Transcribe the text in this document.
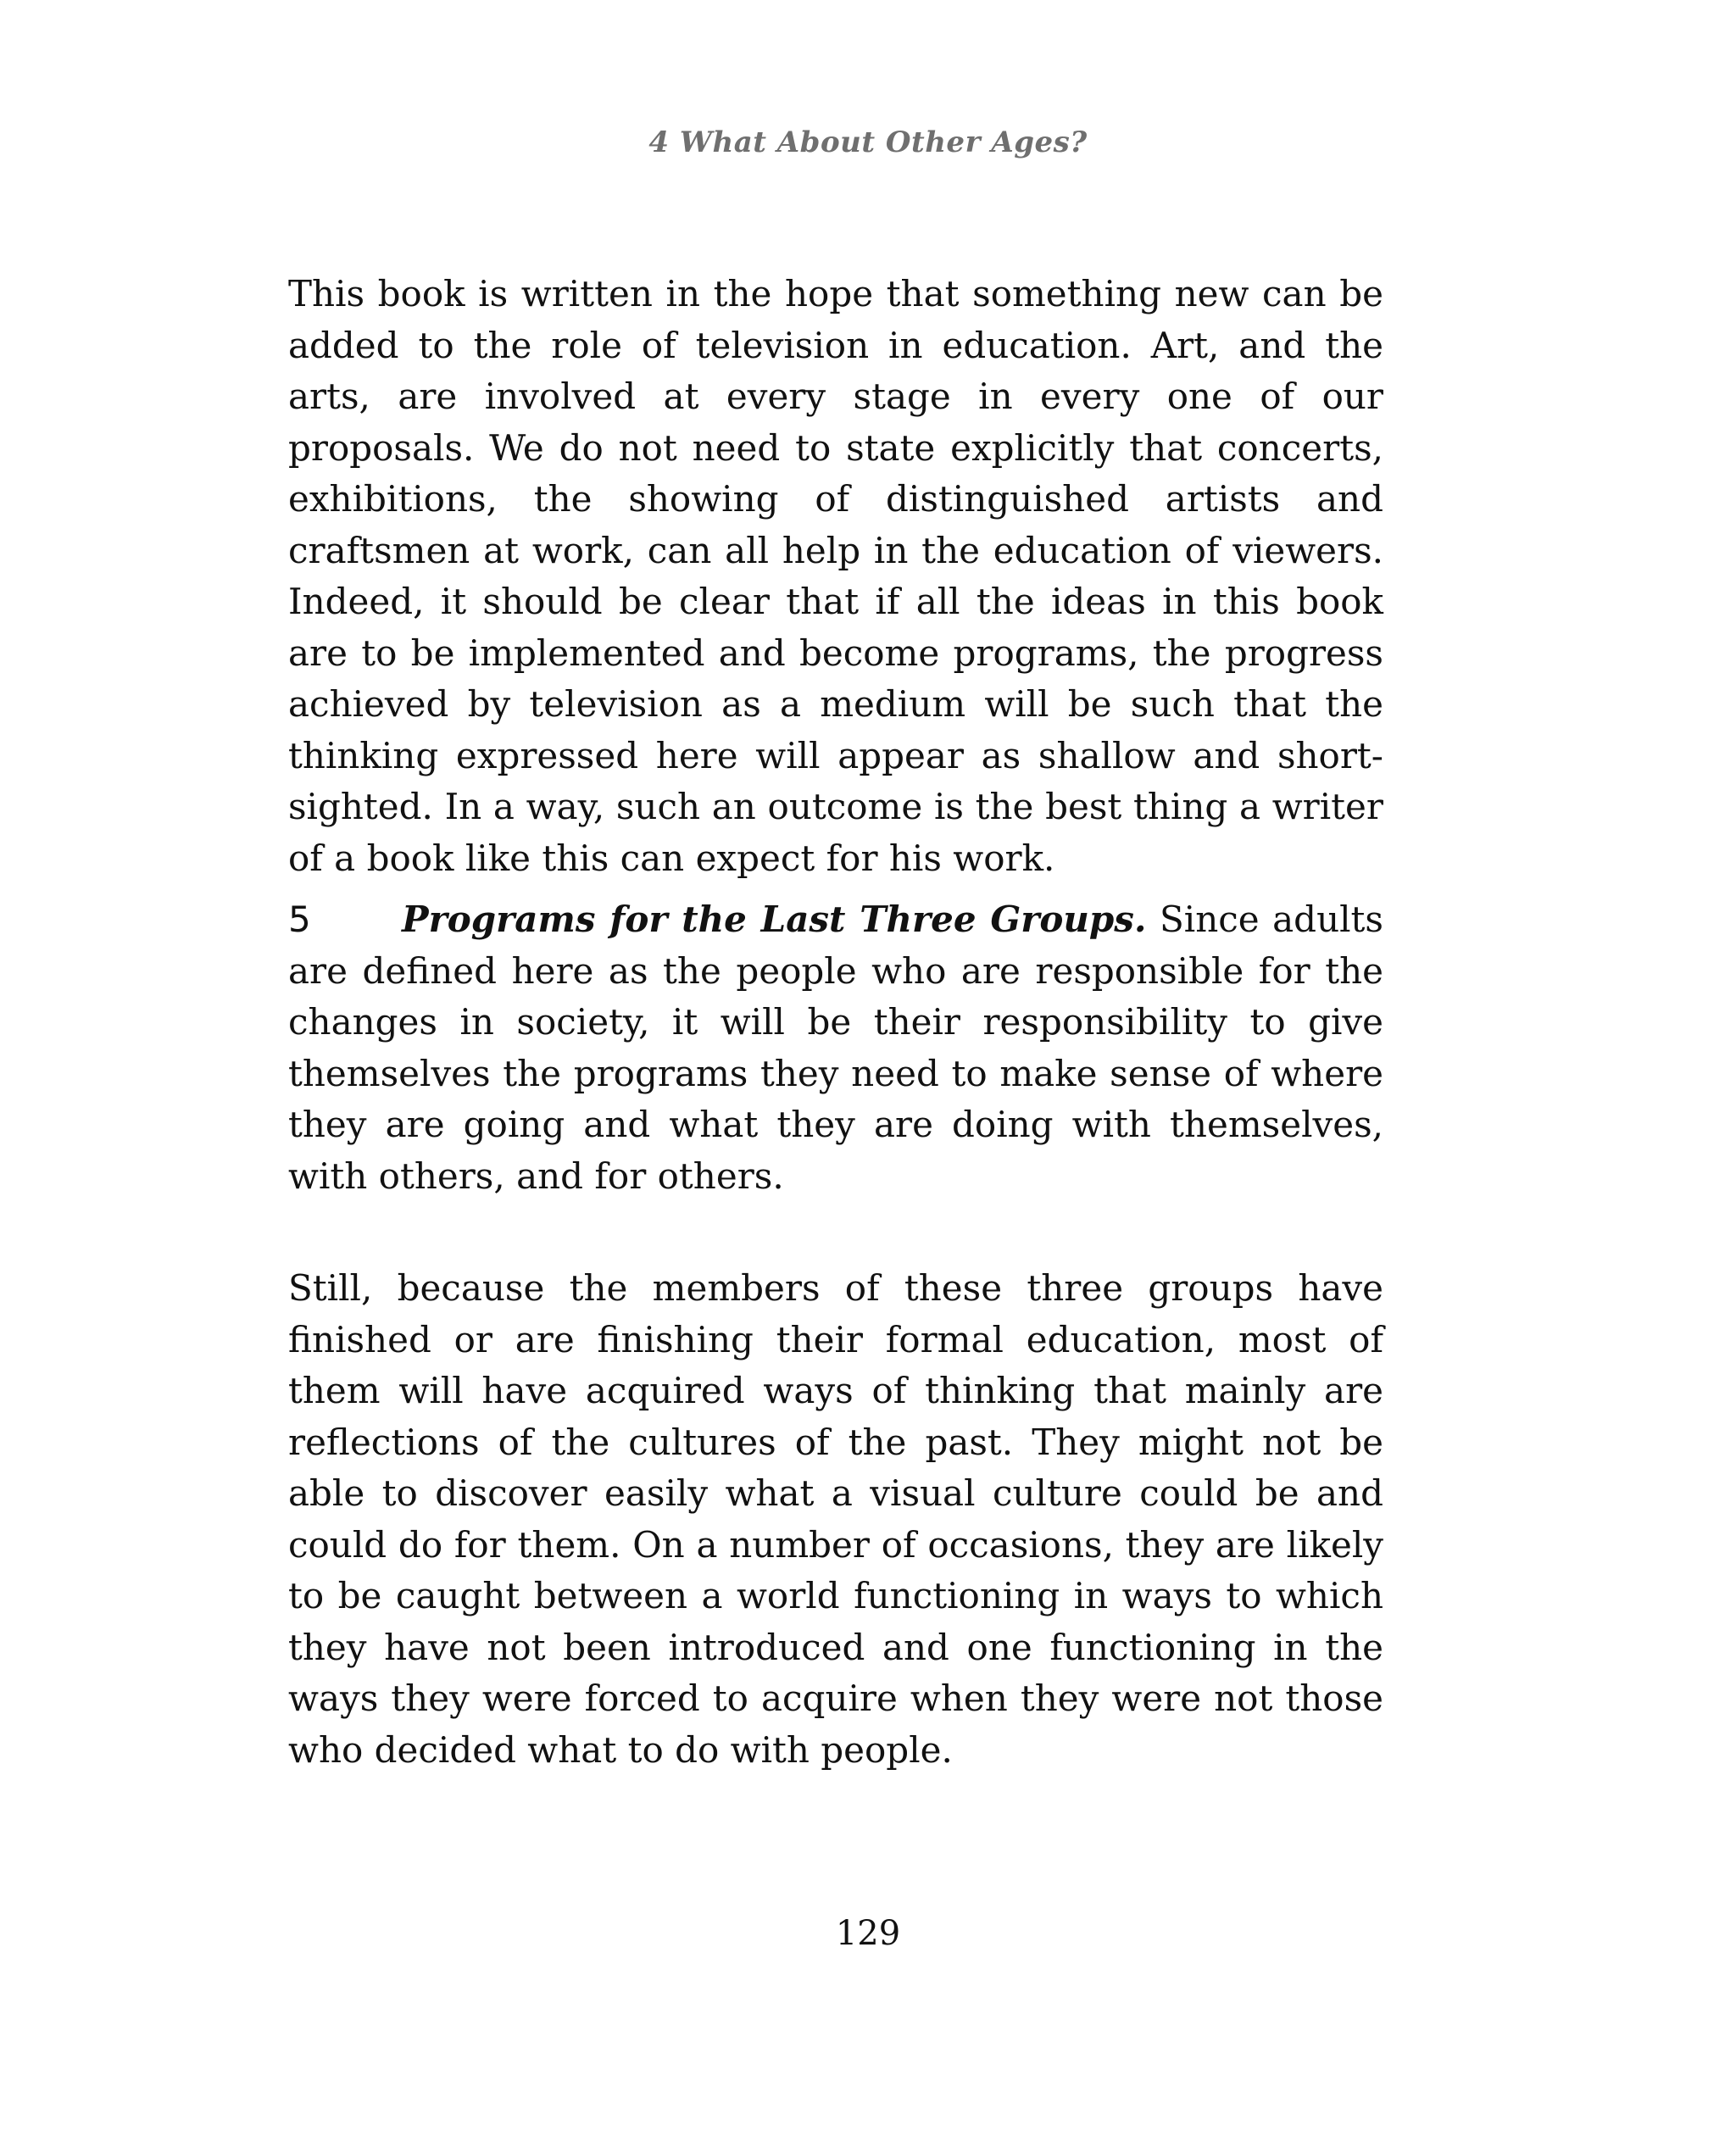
4 What About Other Ages?

This book is written in the hope that something new can be added to the role of television in education. Art, and the arts, are involved at every stage in every one of our proposals. We do not need to state explicitly that concerts, exhibitions, the showing of distinguished artists and craftsmen at work, can all help in the education of viewers. Indeed, it should be clear that if all the ideas in this book are to be implemented and become programs, the progress achieved by television as a medium will be such that the thinking expressed here will appear as shallow and short-sighted. In a way, such an outcome is the best thing a writer of a book like this can expect for his work.

5	Programs for the Last Three Groups. Since adults are defined here as the people who are responsible for the changes in society, it will be their responsibility to give themselves the programs they need to make sense of where they are going and what they are doing with themselves, with others, and for others.

Still, because the members of these three groups have finished or are finishing their formal education, most of them will have acquired ways of thinking that mainly are reflections of the cultures of the past. They might not be able to discover easily what a visual culture could be and could do for them. On a number of occasions, they are likely to be caught between a world functioning in ways to which they have not been introduced and one functioning in the ways they were forced to acquire when they were not those who decided what to do with people.

129
